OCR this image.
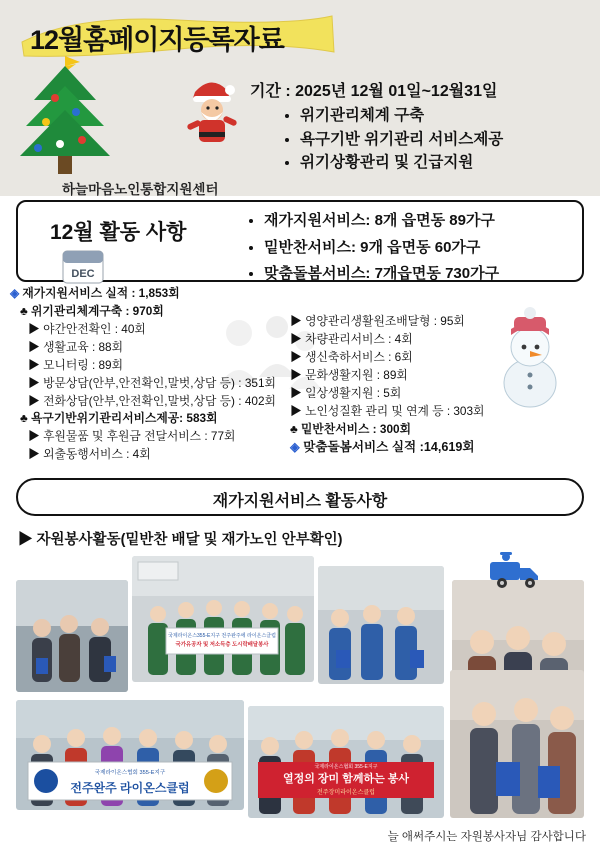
12월홈페이지등록자료
하늘마음노인통합지원센터
기간 : 2025년 12월 01일~12월31일
• 위기관리체계 구축
• 욕구기반 위기관리 서비스제공
• 위기상황관리 및 긴급지원
12월 활동 사항
DEC
• 재가지원서비스: 8개 읍면동 89가구
• 밑반찬서비스: 9개 읍면동 60가구
• 맞춤돌봄서비스: 7개읍면동 730가구
◈ 재가지원서비스 실적 : 1,853회
♣ 위기관리체계구축 : 970회
▶ 야간안전확인 : 40회
▶ 생활교육 : 88회
▶ 모니터링 : 89회
▶ 방문상담(안부,안전확인,말벗,상담 등) : 351회
▶ 전화상담(안부,안전확인,말벗,상담 등) : 402회
♣ 욕구기반위기관리서비스제공: 583회
▶ 후원물품 및 후원금 전달서비스 : 77회
▶ 외출동행서비스 : 4회
▶ 영양관리생활원조배달형 : 95회
▶ 차량관리서비스 : 4회
▶ 생신축하서비스 : 6회
▶ 문화생활지원 : 89회
▶ 일상생활지원 : 5회
▶ 노인성질환 관리 및 연계 등 : 303회
♣ 밑반찬서비스 : 300회
◈ 맞춤돌봄서비스 실적 :14,619회
재가지원서비스 활동사항
▶ 자원봉사활동(밑반찬 배달 및 재가노인 안부확인)
국제라이온스355-E지구 전주완주에 라이온스클럽
국가유공자 및 저소득층 도시락배달봉사
국제라이온스협회 355-E지구
전주완주 라이온스클럽
국제라이온스협회 355-E지구
열정의 장미 함께하는 봉사
전주장미라이온스클럽
늘 애써주시는 자원봉사자님 감사합니다
